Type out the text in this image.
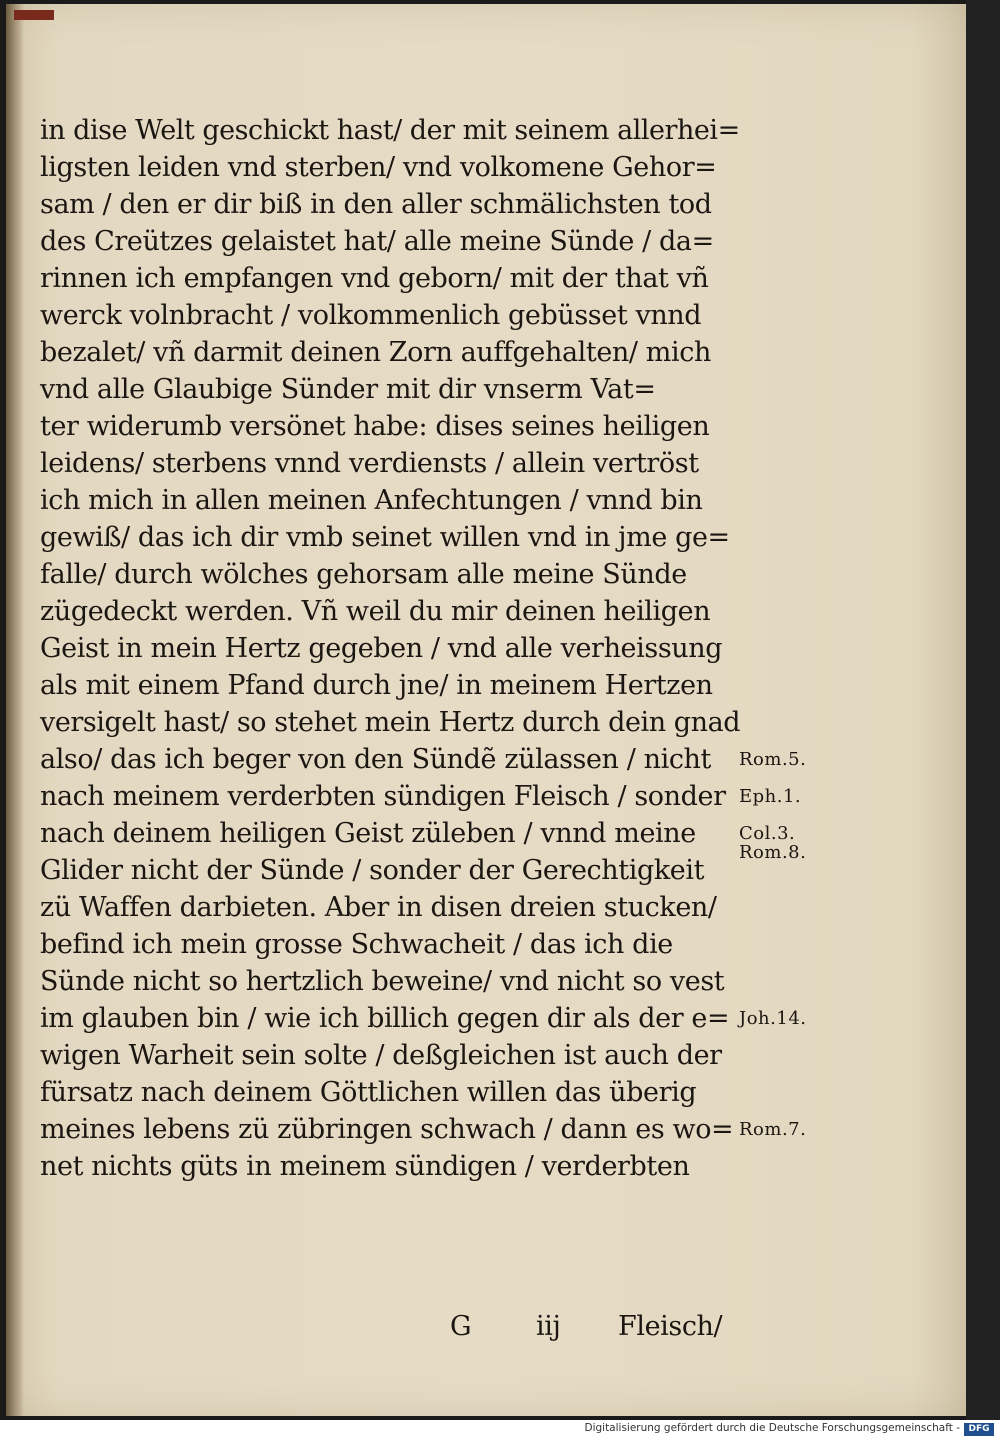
in dise Welt geschickt hast/ der mit seinem allerhei=
ligsten leiden vnd sterben/ vnd volkomene Gehor=
sam / den er dir biß in den aller schmälichsten tod
des Creützes gelaistet hat/ alle meine Sünde / da=
rinnen ich empfangen vnd geborn/ mit der that vñ
werck volnbracht / volkommenlich gebüsset vnnd
bezalet/ vñ darmit deinen Zorn auffgehalten/ mich
vnd alle Glaubige Sünder mit dir vnserm Vat=
ter widerumb versönet habe: dises seines heiligen
leidens/ sterbens vnnd verdiensts / allein vertröst
ich mich in allen meinen Anfechtungen / vnnd bin
gewiß/ das ich dir vmb seinet willen vnd in jme ge=
falle/ durch wölches gehorsam alle meine Sünde
zügedeckt werden. Vñ weil du mir deinen heiligen
Geist in mein Hertz gegeben / vnd alle verheissung
als mit einem Pfand durch jne/ in meinem Hertzen
versigelt hast/ so stehet mein Hertz durch dein gnad
also/ das ich beger von den Sündẽ zülassen / nicht
nach meinem verderbten sündigen Fleisch / sonder
nach deinem heiligen Geist züleben / vnnd meine
Glider nicht der Sünde / sonder der Gerechtigkeit
zü Waffen darbieten. Aber in disen dreien stucken/
befind ich mein grosse Schwacheit / das ich die
Sünde nicht so hertzlich beweine/ vnd nicht so vest
im glauben bin / wie ich billich gegen dir als der e=
wigen Warheit sein solte / deßgleichen ist auch der
fürsatz nach deinem Göttlichen willen das überig
meines lebens zü zübringen schwach / dann es wo=
net nichts güts in meinem sündigen / verderbten
G iij Fleisch/
Rom.5.
Eph.1.
Col.3.
Rom.8.
Joh.14.
Rom.7.
Digitalisierung gefördert durch die Deutsche Forschungsgemeinschaft - DFG
